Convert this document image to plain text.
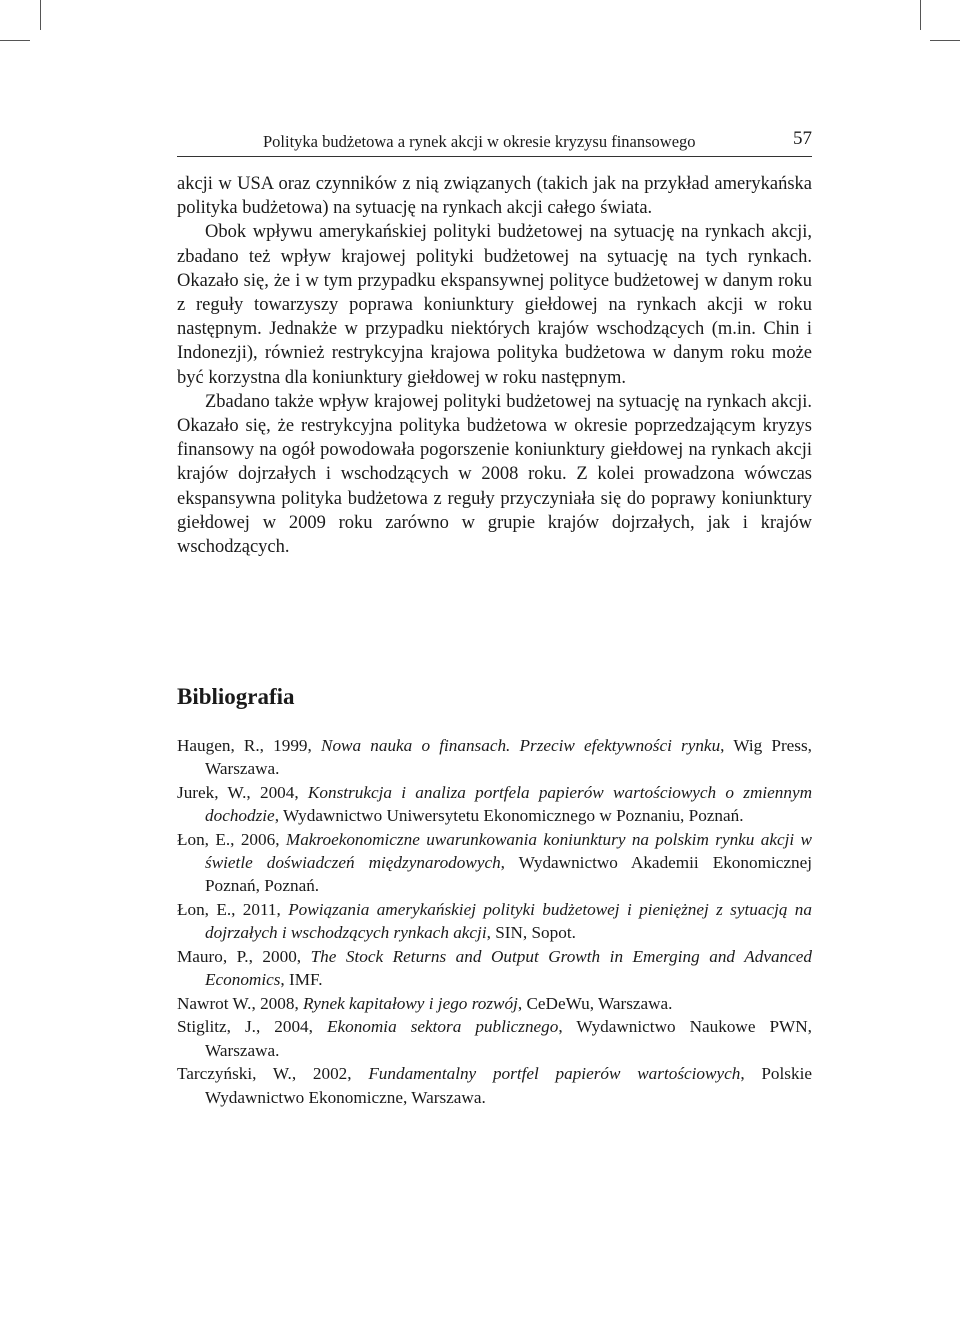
Polityka budżetowa a rynek akcji w okresie kryzysu finansowego	57

akcji w USA oraz czynników z nią związanych (takich jak na przykład amerykańska polityka budżetowa) na sytuację na rynkach akcji całego świata.

Obok wpływu amerykańskiej polityki budżetowej na sytuację na rynkach akcji, zbadano też wpływ krajowej polityki budżetowej na sytuację na tych rynkach. Okazało się, że i w tym przypadku ekspansywnej polityce budżetowej w danym roku z reguły towarzyszy poprawa koniunktury giełdowej na rynkach akcji w roku następnym. Jednakże w przypadku niektórych krajów wschodzących (m.in. Chin i Indonezji), również restrykcyjna krajowa polityka budżetowa w danym roku może być korzystna dla koniunktury giełdowej w roku następnym.

Zbadano także wpływ krajowej polityki budżetowej na sytuację na rynkach akcji. Okazało się, że restrykcyjna polityka budżetowa w okresie poprzedzającym kryzys finansowy na ogół powodowała pogorszenie koniunktury giełdowej na rynkach akcji krajów dojrzałych i wschodzących w 2008 roku. Z kolei prowadzona wówczas ekspansywna polityka budżetowa z reguły przyczyniała się do poprawy koniunktury giełdowej w 2009 roku zarówno w grupie krajów dojrzałych, jak i krajów wschodzących.

Bibliografia
Haugen, R., 1999, Nowa nauka o finansach. Przeciw efektywności rynku, Wig Press, Warszawa.
Jurek, W., 2004, Konstrukcja i analiza portfela papierów wartościowych o zmiennym dochodzie, Wydawnictwo Uniwersytetu Ekonomicznego w Poznaniu, Poznań.
Łon, E., 2006, Makroekonomiczne uwarunkowania koniunktury na polskim rynku akcji w świetle doświadczeń międzynarodowych, Wydawnictwo Akademii Ekonomicznej Poznań, Poznań.
Łon, E., 2011, Powiązania amerykańskiej polityki budżetowej i pieniężnej z sytuacją na dojrzałych i wschodzących rynkach akcji, SIN, Sopot.
Mauro, P., 2000, The Stock Returns and Output Growth in Emerging and Advanced Economics, IMF.
Nawrot W., 2008, Rynek kapitałowy i jego rozwój, CeDeWu, Warszawa.
Stiglitz, J., 2004, Ekonomia sektora publicznego, Wydawnictwo Naukowe PWN, Warszawa.
Tarczyński, W., 2002, Fundamentalny portfel papierów wartościowych, Polskie Wydawnictwo Ekonomiczne, Warszawa.
